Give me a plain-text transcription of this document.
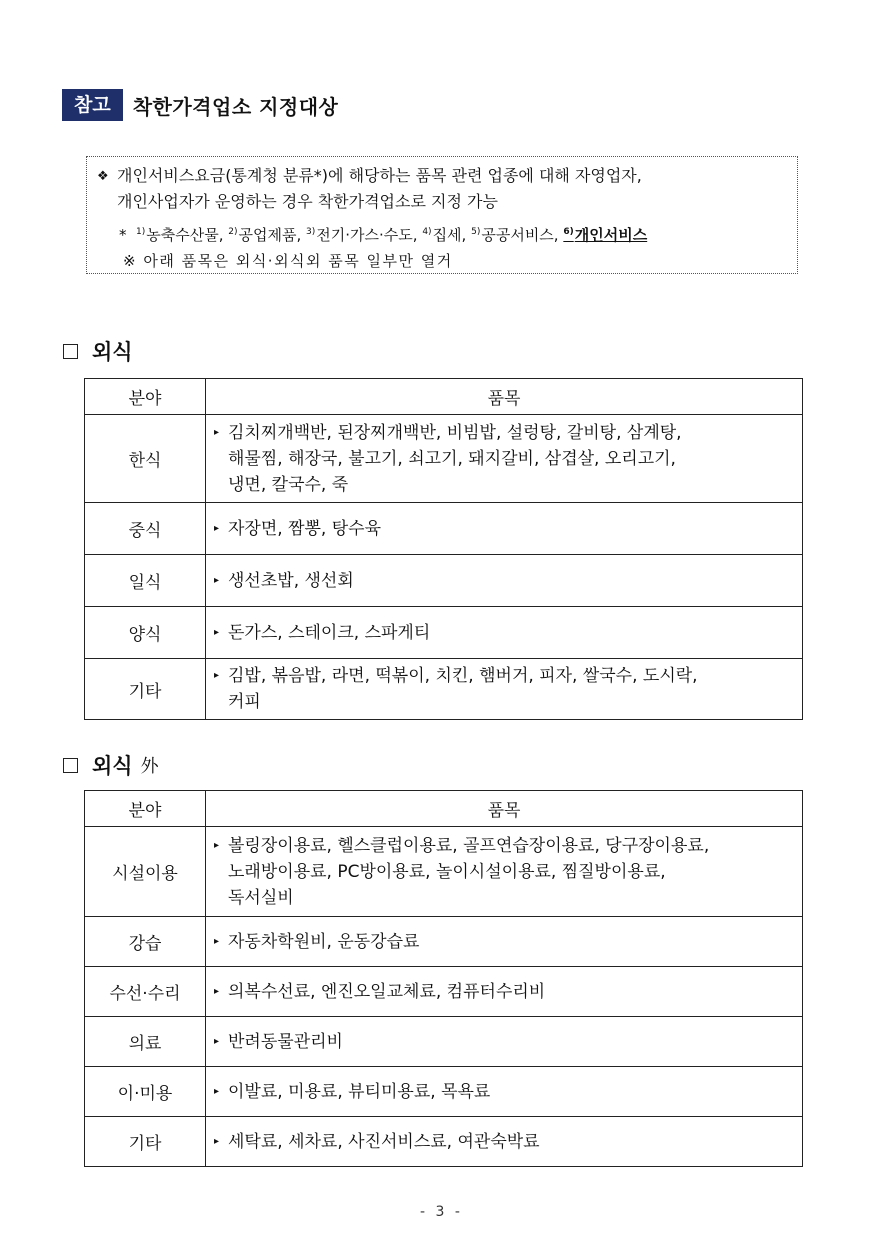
참고	착한가격업소 지정대상
❖ 개인서비스요금(통계청 분류*)에 해당하는 품목 관련 업종에 대해 자영업자,
개인사업자가 운영하는 경우 착한가격업소로 지정 가능
* $^{1)}$농축수산물, $^{2)}$공업제품, $^{3)}$전기·가스·수도, $^{4)}$집세, $^{5)}$공공서비스, $^{6)}$개인서비스
※ 아래 품목은 외식·외식외 품목 일부만 열거
외식
분야	품목
한식	▸ 김치찌개백반, 된장찌개백반, 비빔밥, 설렁탕, 갈비탕, 삼계탕,
해물찜, 해장국, 불고기, 쇠고기, 돼지갈비, 삼겹살, 오리고기,
냉면, 칼국수, 죽

중식	▸ 자장면, 짬뽕, 탕수육

일식	▸ 생선초밥, 생선회

양식	▸ 돈가스, 스테이크, 스파게티

기타	▸ 김밥, 볶음밥, 라면, 떡볶이, 치킨, 햄버거, 피자, 쌀국수, 도시락,
커피
외식 外
분야	품목
시설이용	▸ 볼링장이용료, 헬스클럽이용료, 골프연습장이용료, 당구장이용료,
노래방이용료, PC방이용료, 놀이시설이용료, 찜질방이용료,
독서실비

강습	▸ 자동차학원비, 운동강습료

수선·수리	▸ 의복수선료, 엔진오일교체료, 컴퓨터수리비

의료	▸ 반려동물관리비

이·미용	▸ 이발료, 미용료, 뷰티미용료, 목욕료

기타	▸ 세탁료, 세차료, 사진서비스료, 여관숙박료
- 3 -
